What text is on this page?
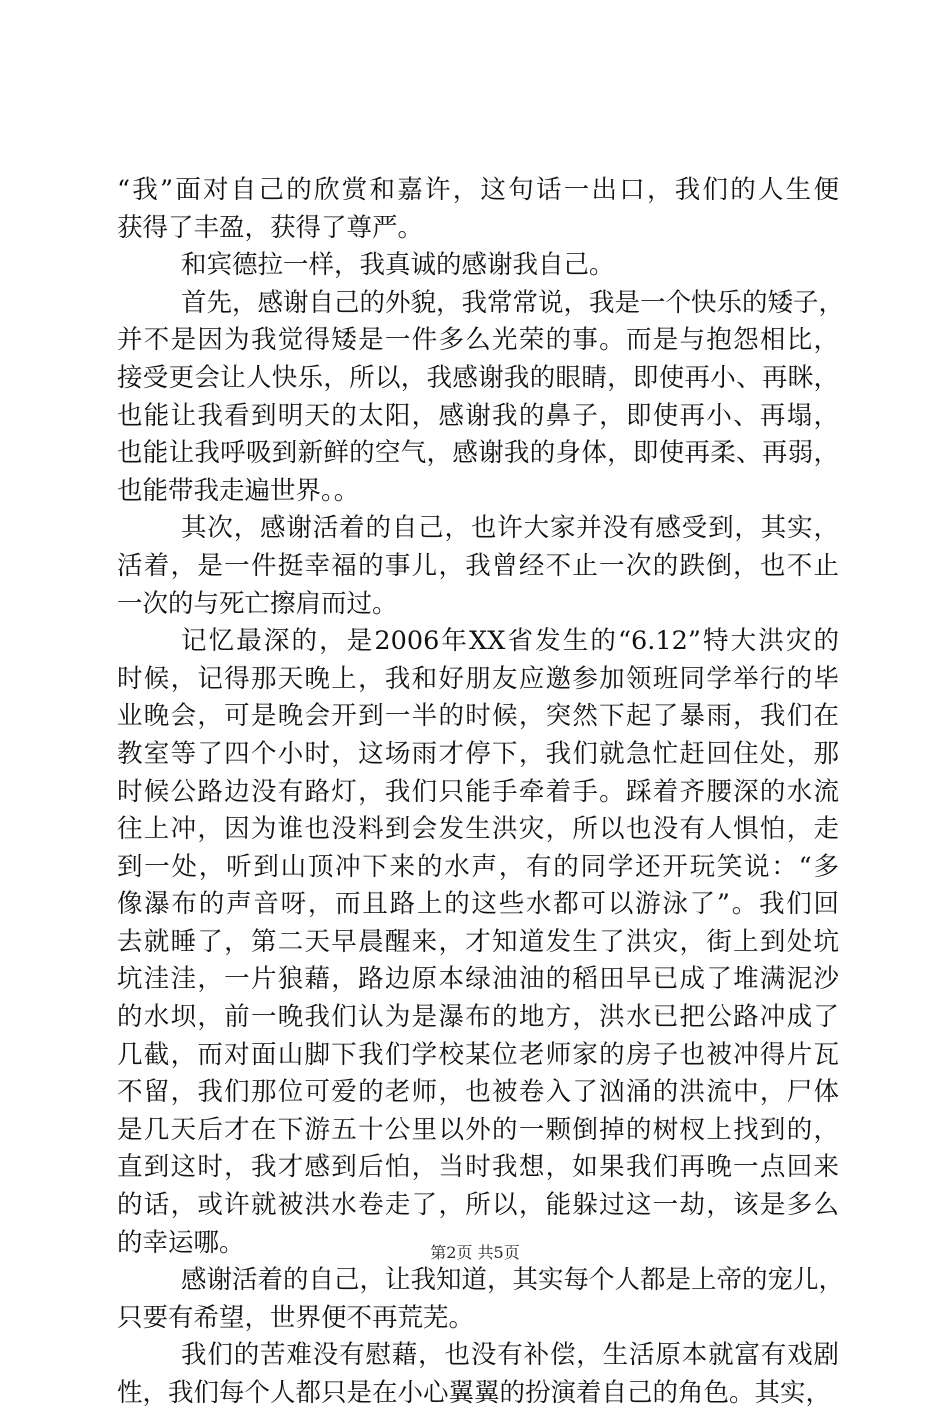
“我”面对自己的欣赏和嘉许，这句话一出口，我们的人生便
获得了丰盈，获得了尊严。

和宾德拉一样，我真诚的感谢我自己。

首先，感谢自己的外貌，我常常说，我是一个快乐的矮子，
并不是因为我觉得矮是一件多么光荣的事。而是与抱怨相比，
接受更会让人快乐，所以，我感谢我的眼睛，即使再小、再眯，
也能让我看到明天的太阳，感谢我的鼻子，即使再小、再塌，
也能让我呼吸到新鲜的空气，感谢我的身体，即使再柔、再弱，
也能带我走遍世界。。

其次，感谢活着的自己，也许大家并没有感受到，其实，
活着，是一件挺幸福的事儿，我曾经不止一次的跌倒，也不止
一次的与死亡擦肩而过。

记忆最深的，是2006年XX省发生的“6.12”特大洪灾的
时候，记得那天晚上，我和好朋友应邀参加领班同学举行的毕
业晚会，可是晚会开到一半的时候，突然下起了暴雨，我们在
教室等了四个小时，这场雨才停下，我们就急忙赶回住处，那
时候公路边没有路灯，我们只能手牵着手。踩着齐腰深的水流
往上冲，因为谁也没料到会发生洪灾，所以也没有人惧怕，走
到一处，听到山顶冲下来的水声，有的同学还开玩笑说：“多
像瀑布的声音呀，而且路上的这些水都可以游泳了”。我们回
去就睡了，第二天早晨醒来，才知道发生了洪灾，街上到处坑
坑洼洼，一片狼藉，路边原本绿油油的稻田早已成了堆满泥沙
的水坝，前一晚我们认为是瀑布的地方，洪水已把公路冲成了
几截，而对面山脚下我们学校某位老师家的房子也被冲得片瓦
不留，我们那位可爱的老师，也被卷入了汹涌的洪流中，尸体
是几天后才在下游五十公里以外的一颗倒掉的树杈上找到的，
直到这时，我才感到后怕，当时我想，如果我们再晚一点回来
的话，或许就被洪水卷走了，所以，能躲过这一劫，该是多么
的幸运哪。

感谢活着的自己，让我知道，其实每个人都是上帝的宠儿，
只要有希望，世界便不再荒芜。

我们的苦难没有慰藉，也没有补偿，生活原本就富有戏剧
性，我们每个人都只是在小心翼翼的扮演着自己的角色。其实，

第2页 共5页
